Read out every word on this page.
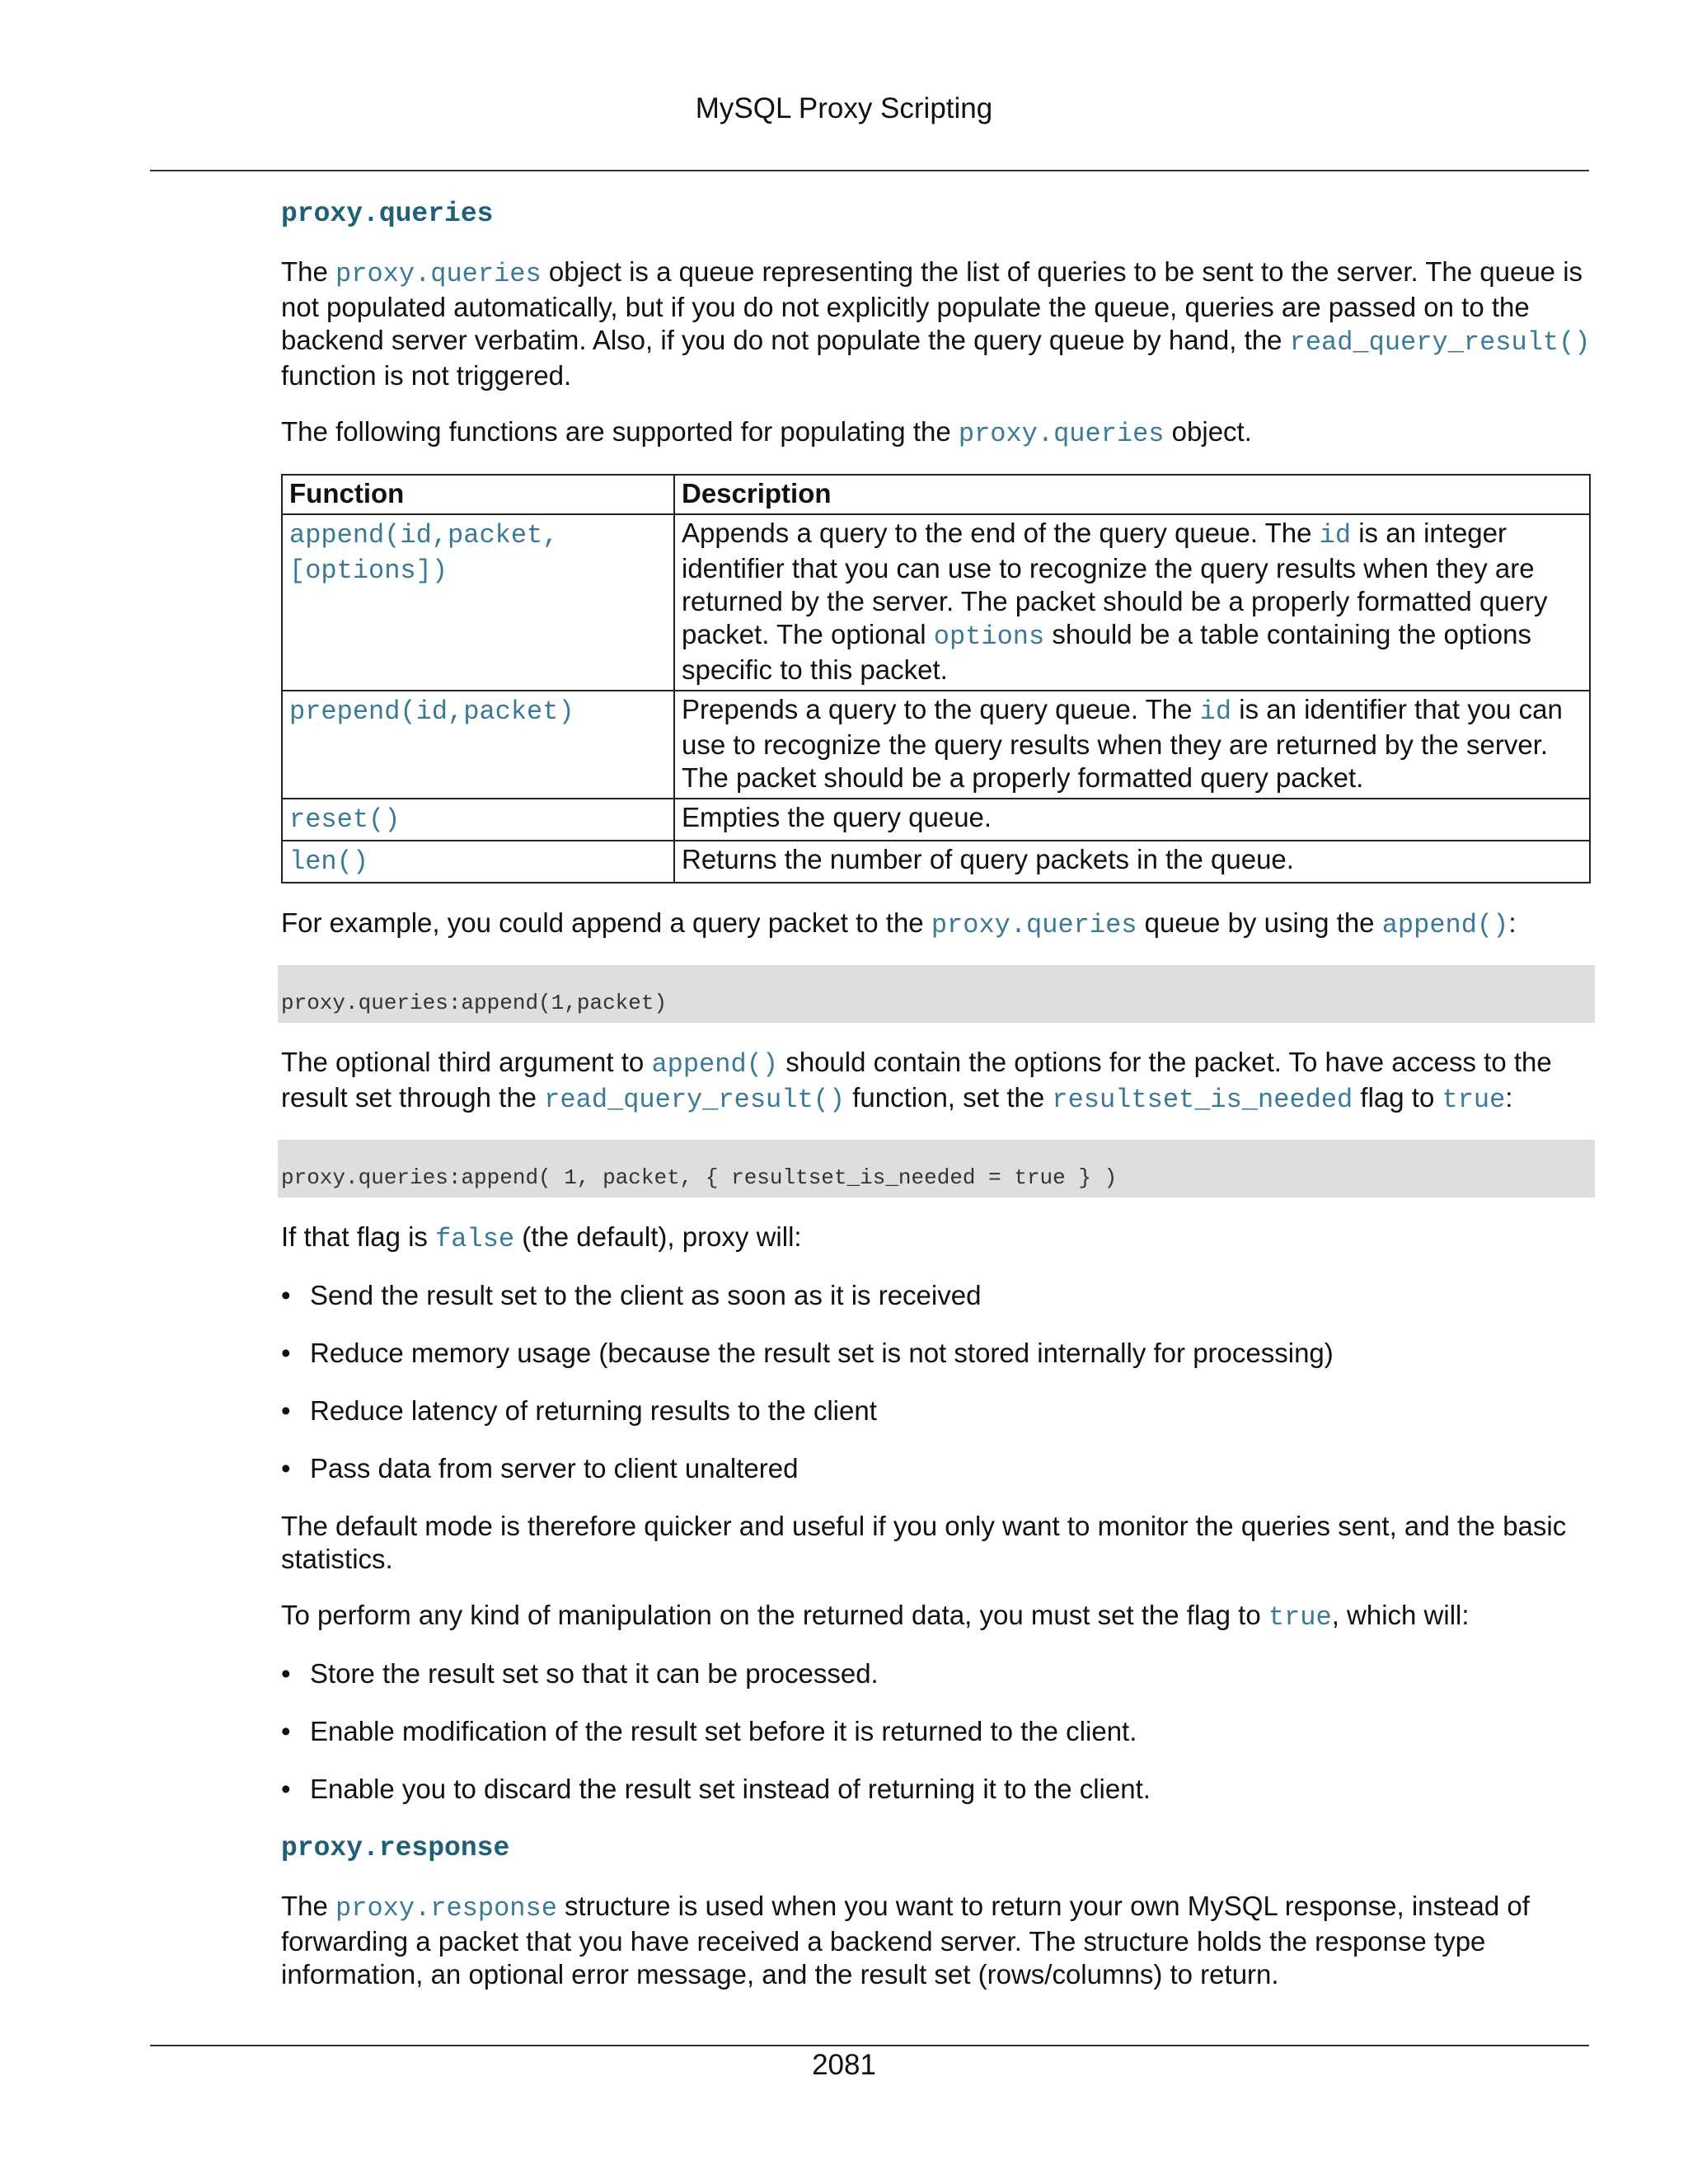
MySQL Proxy Scripting
proxy.queries

The proxy.queries object is a queue representing the list of queries to be sent to the server. The queue is not populated automatically, but if you do not explicitly populate the queue, queries are passed on to the backend server verbatim. Also, if you do not populate the query queue by hand, the read_query_result() function is not triggered.

The following functions are supported for populating the proxy.queries object.

Function	Description
append(id,packet, [options])	Appends a query to the end of the query queue. The id is an integer identifier that you can use to recognize the query results when they are returned by the server. The packet should be a properly formatted query packet. The optional options should be a table containing the options specific to this packet.
prepend(id,packet)	Prepends a query to the query queue. The id is an identifier that you can use to recognize the query results when they are returned by the server. The packet should be a properly formatted query packet.
reset()	Empties the query queue.
len()	Returns the number of query packets in the queue.

For example, you could append a query packet to the proxy.queries queue by using the append():

proxy.queries:append(1,packet)

The optional third argument to append() should contain the options for the packet. To have access to the result set through the read_query_result() function, set the resultset_is_needed flag to true:

proxy.queries:append( 1, packet, { resultset_is_needed = true } )

If that flag is false (the default), proxy will:

• Send the result set to the client as soon as it is received
• Reduce memory usage (because the result set is not stored internally for processing)
• Reduce latency of returning results to the client
• Pass data from server to client unaltered

The default mode is therefore quicker and useful if you only want to monitor the queries sent, and the basic statistics.

To perform any kind of manipulation on the returned data, you must set the flag to true, which will:

• Store the result set so that it can be processed.
• Enable modification of the result set before it is returned to the client.
• Enable you to discard the result set instead of returning it to the client.
proxy.response

The proxy.response structure is used when you want to return your own MySQL response, instead of forwarding a packet that you have received a backend server. The structure holds the response type information, an optional error message, and the result set (rows/columns) to return.

2081
